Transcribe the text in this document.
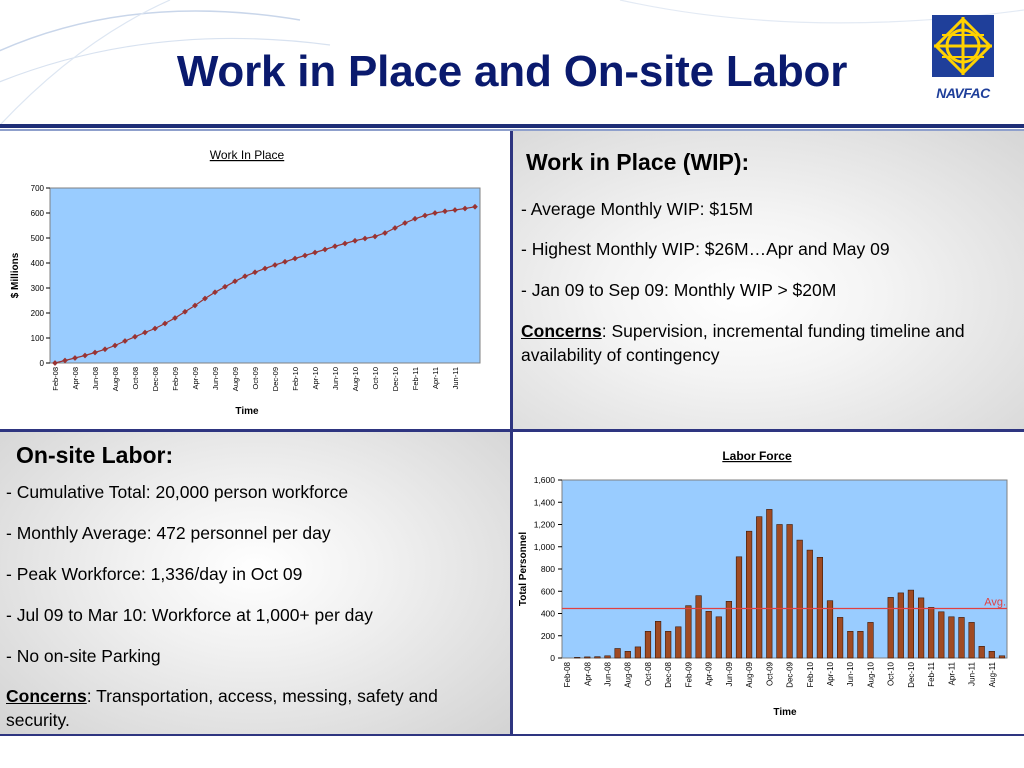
Work in Place and On-site Labor	NAVFAC
Work In Place
0
100
200
300
400
500
600
700
Feb-08 Apr-08 Jun-08 Aug-08 Oct-08 Dec-08 Feb-09 Apr-09 Jun-09 Aug-09 Oct-09 Dec-09 Feb-10 Apr-10 Jun-10 Aug-10 Oct-10 Dec-10 Feb-11 Apr-11 Jun-11
Time
$ Millions
Work in Place (WIP):

- Average Monthly WIP: $15M

- Highest Monthly WIP: $26M…Apr and May 09

- Jan 09 to Sep 09: Monthly WIP > $20M

Concerns: Supervision, incremental funding timeline and availability of contingency

On-site Labor:

- Cumulative Total: 20,000 person workforce

- Monthly Average: 472 personnel per day

- Peak Workforce: 1,336/day in Oct 09

- Jul 09 to Mar 10: Workforce at 1,000+ per day

- No on-site Parking

Concerns: Transportation, access, messing, safety and security.

Labor Force
0
200
400
600
800
1,000
1,200
1,400
1,600
Avg.
Feb-08 Apr-08 Jun-08 Aug-08 Oct-08 Dec-08 Feb-09 Apr-09 Jun-09 Aug-09 Oct-09 Dec-09 Feb-10 Apr-10 Jun-10 Aug-10 Oct-10 Dec-10 Feb-11 Apr-11 Jun-11 Aug-11
Time
Total Personnel
